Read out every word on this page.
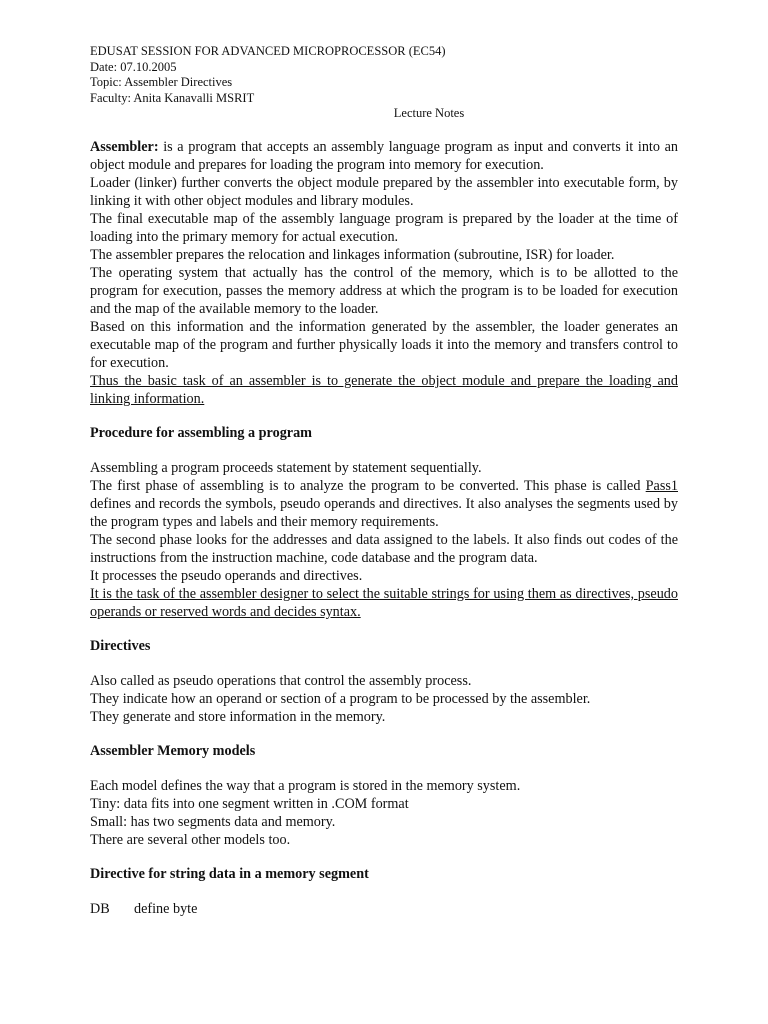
EDUSAT SESSION FOR ADVANCED MICROPROCESSOR (EC54)
Date: 07.10.2005
Topic: Assembler Directives
Faculty: Anita Kanavalli MSRIT
Lecture Notes

Assembler: is a program that accepts an assembly language program as input and converts it into an object module and prepares for loading the program into memory for execution.

Loader (linker) further converts the object module prepared by the assembler into executable form, by linking it with other object modules and library modules.

The final executable map of the assembly language program is prepared by the loader at the time of loading into the primary memory for actual execution.

The assembler prepares the relocation and linkages information (subroutine, ISR) for loader.

The operating system that actually has the control of the memory, which is to be allotted to the program for execution, passes the memory address at which the program is to be loaded for execution and the map of the available memory to the loader.

Based on this information and the information generated by the assembler, the loader generates an executable map of the program and further physically loads it into the memory and transfers control to for execution.

Thus the basic task of an assembler is to generate the object module and prepare the loading and linking information.

Procedure for assembling a program

Assembling a program proceeds statement by statement sequentially.

The first phase of assembling is to analyze the program to be converted. This phase is called Pass1 defines and records the symbols, pseudo operands and directives. It also analyses the segments used by the program types and labels and their memory requirements.

The second phase looks for the addresses and data assigned to the labels. It also finds out codes of the instructions from the instruction machine, code database and the program data.

It processes the pseudo operands and directives.

It is the task of the assembler designer to select the suitable strings for using them as directives, pseudo operands or reserved words and decides syntax.

Directives

Also called as pseudo operations that control the assembly process.

They indicate how an operand or section of a program to be processed by the assembler.

They generate and store information in the memory.

Assembler Memory models

Each model defines the way that a program is stored in the memory system.

Tiny: data fits into one segment written in .COM format

Small: has two segments data and memory.

There are several other models too.

Directive for string data in a memory segment
DB	define byte
